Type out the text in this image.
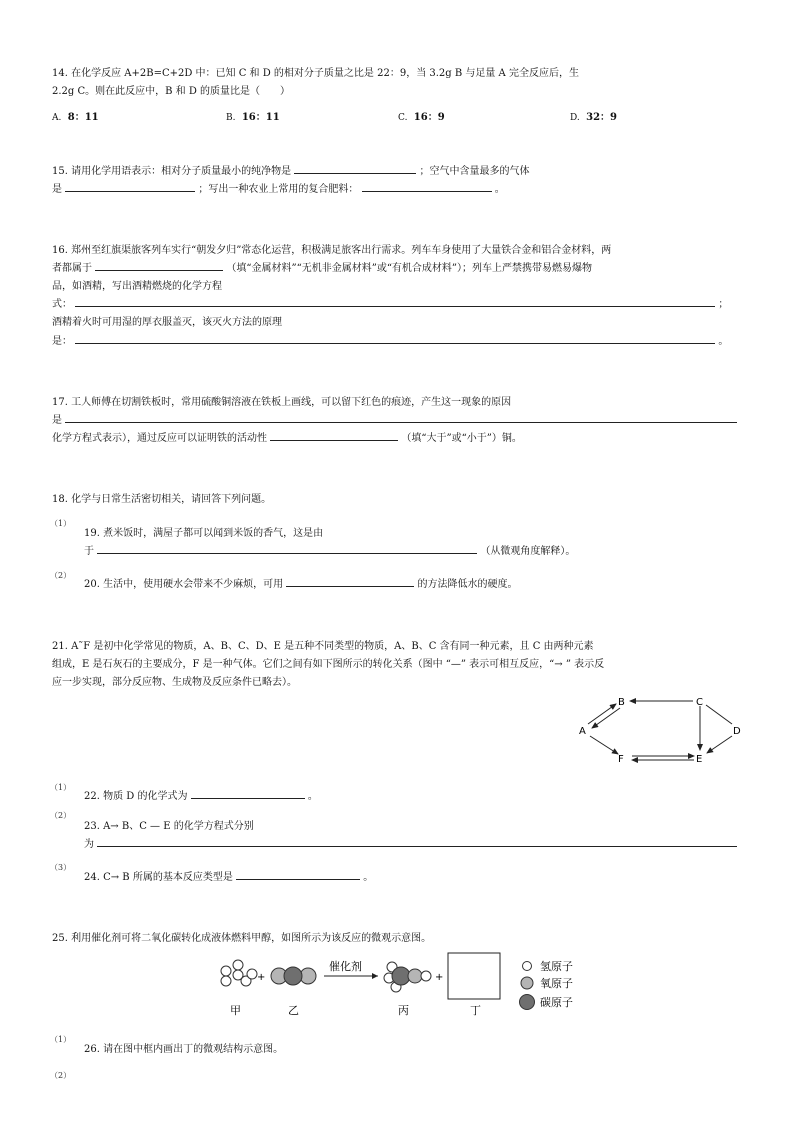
14. 在化学反应 A+2B=C+2D 中：已知 C 和 D 的相对分子质量之比是 22：9，当 3.2g B 与足量 A 完全反应后，生
2.2g C。则在此反应中，B 和 D 的质量比是（　　）
A. 8：11	B. 16：11	C. 16：9	D. 32：9
15. 请用化学用语表示：相对分子质量最小的纯净物是	；空气中含量最多的气体
是	；写出一种农业上常用的复合肥料：	。
16. 郑州至红旗渠旅客列车实行“朝发夕归”常态化运营，积极满足旅客出行需求。列车车身使用了大量铁合金和铝合金材料，两
者都属于	（填“金属材料”“无机非金属材料”或“有机合成材料”）；列车上严禁携带易燃易爆物
品，如酒精，写出酒精燃烧的化学方程
式：	；
酒精着火时可用湿的厚衣服盖灭，该灭火方法的原理
是：	。
17. 工人师傅在切割铁板时，常用硫酸铜溶液在铁板上画线，可以留下红色的痕迹，产生这一现象的原因
是
化学方程式表示），通过反应可以证明铁的活动性	（填“大于”或“小于”）铜。
18. 化学与日常生活密切相关，请回答下列问题。
（1）
19. 煮米饭时，满屋子都可以闻到米饭的香气，这是由
于	（从微观角度解释）。
（2）
20. 生活中，使用硬水会带来不少麻烦，可用	的方法降低水的硬度。
21. A˜F 是初中化学常见的物质，A、B、C、D、E 是五种不同类型的物质，A、B、C 含有同一种元素，且 C 由两种元素
组成，E 是石灰石的主要成分，F 是一种气体。它们之间有如下图所示的转化关系（图中 “—” 表示可相互反应，“→ ” 表示反
应一步实现，部分反应物、生成物及反应条件已略去）。
B	C
A	D
F	E
（1）
22. 物质 D 的化学式为	。
（2）
23. A→ B、C — E 的化学方程式分别
为
（3）
24. C→ B 所属的基本反应类型是	。
25. 利用催化剂可将二氧化碳转化成液体燃料甲醇，如图所示为该反应的微观示意图。
+
催化剂
+
甲	乙	丙	丁
氢原子
氧原子
碳原子
（1）
26. 请在图中框内画出丁的微观结构示意图。
（2）
